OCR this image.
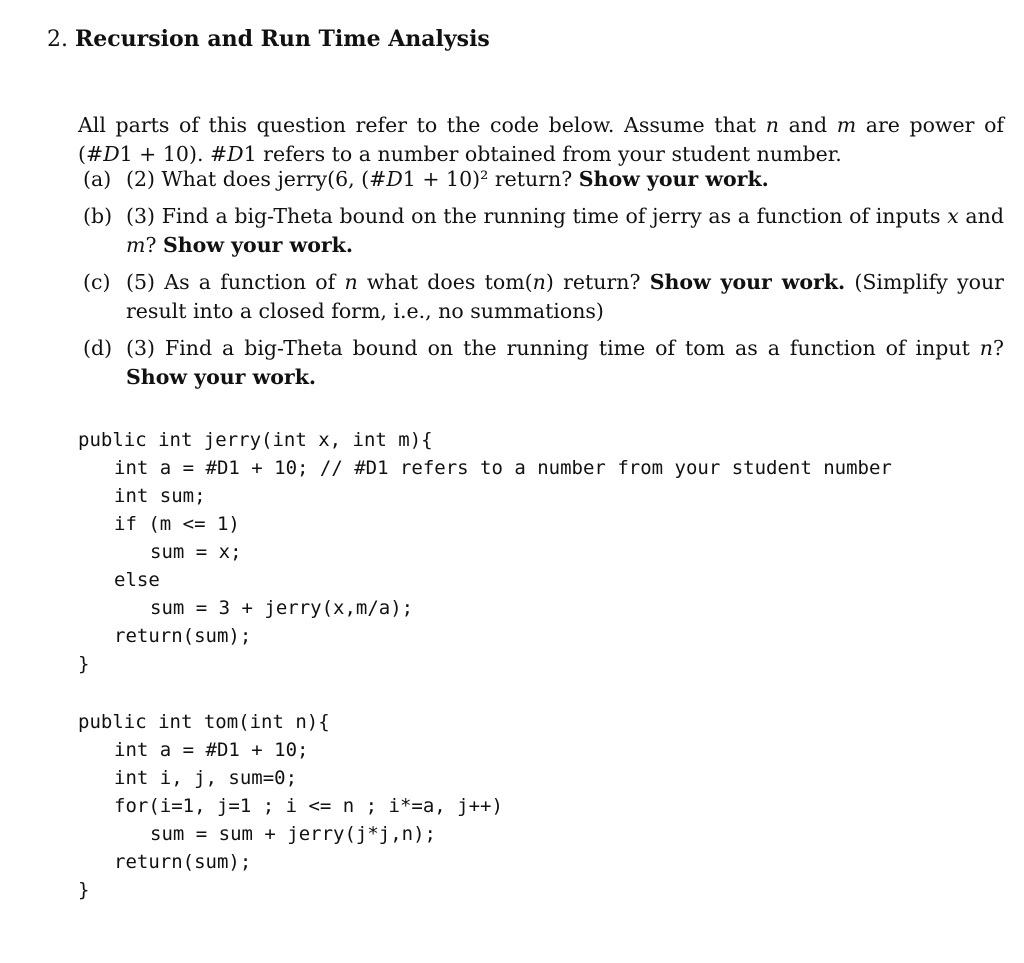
2. Recursion and Run Time Analysis

All parts of this question refer to the code below. Assume that n and m are power of (#D1 + 10). #D1 refers to a number obtained from your student number.

(a) (2) What does jerry(6, (#D1 + 10)² return? Show your work.
(b) (3) Find a big-Theta bound on the running time of jerry as a function of inputs x and m? Show your work.
(c) (5) As a function of n what does tom(n) return? Show your work. (Simplify your result into a closed form, i.e., no summations)
(d) (3) Find a big-Theta bound on the running time of tom as a function of input n? Show your work.
public int jerry(int x, int m){
int a = #D1 + 10; // #D1 refers to a number from your student number
int sum;
if (m <= 1)
sum = x;
else
sum = 3 + jerry(x,m/a);
return(sum);
}
public int tom(int n){
int a = #D1 + 10;
int i, j, sum=0;
for(i=1, j=1 ; i <= n ; i*=a, j++)
sum = sum + jerry(j*j,n);
return(sum);
}
